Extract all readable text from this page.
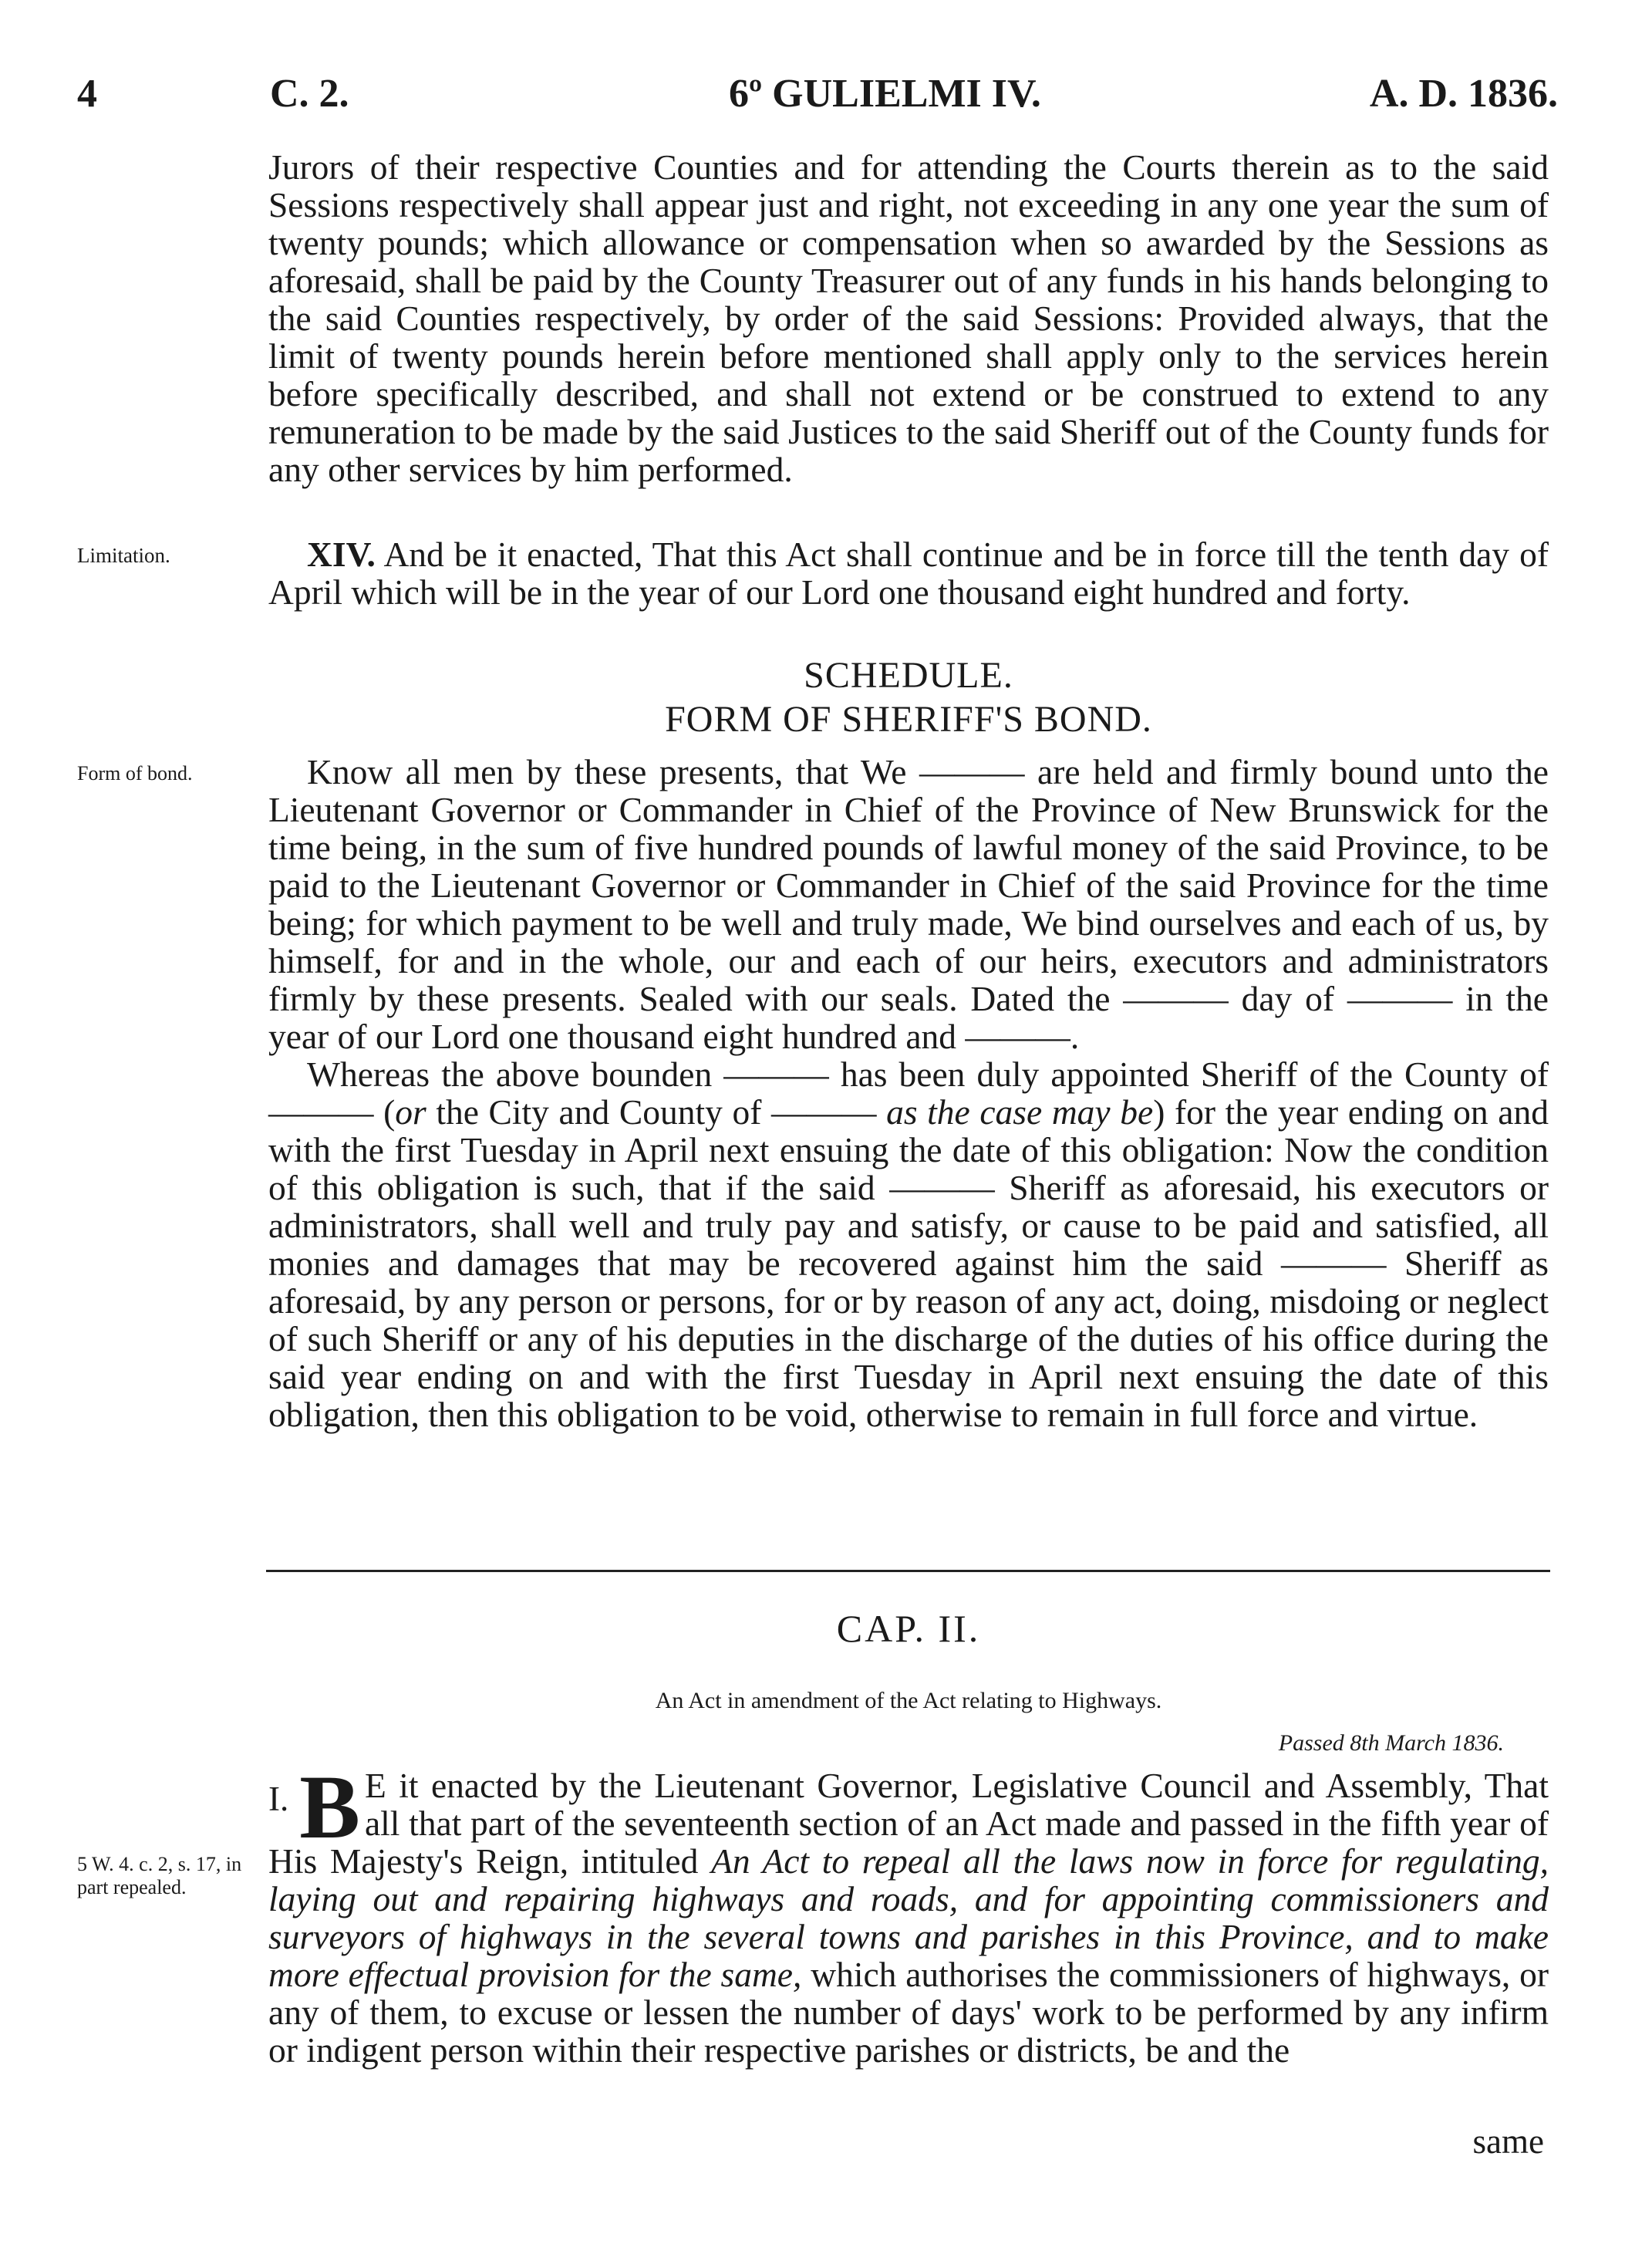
4	C. 2.	6º GULIELMI IV.	A. D. 1836.

Jurors of their respective Counties and for attending the Courts therein as to the said Sessions respectively shall appear just and right, not exceeding in any one year the sum of twenty pounds; which allowance or compensation when so awarded by the Sessions as aforesaid, shall be paid by the County Treasurer out of any funds in his hands belonging to the said Counties respectively, by order of the said Sessions: Provided always, that the limit of twenty pounds herein before mentioned shall apply only to the services herein before specifically described, and shall not extend or be construed to extend to any remuneration to be made by the said Justices to the said Sheriff out of the County funds for any other services by him performed.

Limitation.	XIV. And be it enacted, That this Act shall continue and be in force till the tenth day of April which will be in the year of our Lord one thousand eight hundred and forty.

SCHEDULE.
FORM OF SHERIFF'S BOND.
Form of bond.	Know all men by these presents, that We ——— are held and firmly bound unto the Lieutenant Governor or Commander in Chief of the Province of New Brunswick for the time being, in the sum of five hundred pounds of lawful money of the said Province, to be paid to the Lieutenant Governor or Commander in Chief of the said Province for the time being; for which payment to be well and truly made, We bind ourselves and each of us, by himself, for and in the whole, our and each of our heirs, executors and administrators firmly by these presents. Sealed with our seals. Dated the ——— day of ——— in the year of our Lord one thousand eight hundred and ———.

Whereas the above bounden ——— has been duly appointed Sheriff of the County of ——— (or the City and County of ——— as the case may be) for the year ending on and with the first Tuesday in April next ensuing the date of this obligation: Now the condition of this obligation is such, that if the said ——— Sheriff as aforesaid, his executors or administrators, shall well and truly pay and satisfy, or cause to be paid and satisfied, all monies and damages that may be recovered against him the said ——— Sheriff as aforesaid, by any person or persons, for or by reason of any act, doing, misdoing or neglect of such Sheriff or any of his deputies in the discharge of the duties of his office during the said year ending on and with the first Tuesday in April next ensuing the date of this obligation, then this obligation to be void, otherwise to remain in full force and virtue.

CAP. II.
An Act in amendment of the Act relating to Highways.
Passed 8th March 1836.
5 W. 4. c. 2, s. 17, in part repealed.

I. B E it enacted by the Lieutenant Governor, Legislative Council and Assembly, That all that part of the seventeenth section of an Act made and passed in the fifth year of His Majesty's Reign, intituled An Act to repeal all the laws now in force for regulating, laying out and repairing highways and roads, and for appointing commissioners and surveyors of highways in the several towns and parishes in this Province, and to make more effectual provision for the same, which authorises the commissioners of highways, or any of them, to excuse or lessen the number of days' work to be performed by any infirm or indigent person within their respective parishes or districts, be and the

same
